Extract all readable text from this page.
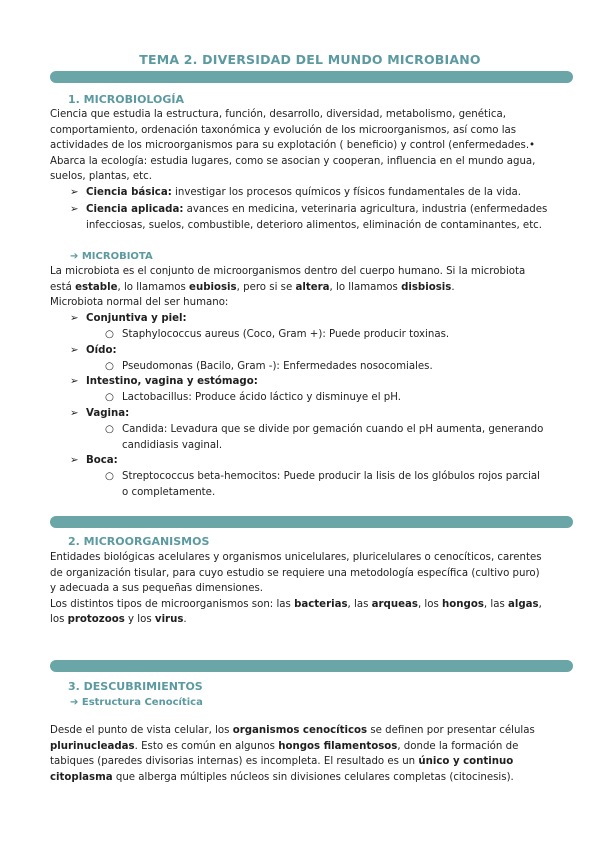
TEMA 2. DIVERSIDAD DEL MUNDO MICROBIANO
1. MICROBIOLOGÍA
Ciencia que estudia la estructura, función, desarrollo, diversidad, metabolismo, genética,
comportamiento, ordenación taxonómica y evolución de los microorganismos, así como las
actividades de los microorganismos para su explotación ( beneficio) y control (enfermedades.•
Abarca la ecología: estudia lugares, como se asocian y cooperan, influencia en el mundo agua,
suelos, plantas, etc.
➢ Ciencia básica: investigar los procesos químicos y físicos fundamentales de la vida.
➢ Ciencia aplicada: avances en medicina, veterinaria agricultura, industria (enfermedades
infecciosas, suelos, combustible, deterioro alimentos, eliminación de contaminantes, etc.
➔ MICROBIOTA
La microbiota es el conjunto de microorganismos dentro del cuerpo humano. Si la microbiota
está estable, lo llamamos eubiosis, pero si se altera, lo llamamos disbiosis.
Microbiota normal del ser humano:
➢ Conjuntiva y piel:
○ Staphylococcus aureus (Coco, Gram +): Puede producir toxinas.
➢ Oído:
○ Pseudomonas (Bacilo, Gram -): Enfermedades nosocomiales.
➢ Intestino, vagina y estómago:
○ Lactobacillus: Produce ácido láctico y disminuye el pH.
➢ Vagina:
○ Candida: Levadura que se divide por gemación cuando el pH aumenta, generando
candidiasis vaginal.
➢ Boca:
○ Streptococcus beta-hemocitos: Puede producir la lisis de los glóbulos rojos parcial
o completamente.
2. MICROORGANISMOS
Entidades biológicas acelulares y organismos unicelulares, pluricelulares o cenocíticos, carentes
de organización tisular, para cuyo estudio se requiere una metodología específica (cultivo puro)
y adecuada a sus pequeñas dimensiones.
Los distintos tipos de microorganismos son: las bacterias, las arqueas, los hongos, las algas,
los protozoos y los virus.
3. DESCUBRIMIENTOS
➔ Estructura Cenocítica
Desde el punto de vista celular, los organismos cenocíticos se definen por presentar células
plurinucleadas. Esto es común en algunos hongos filamentosos, donde la formación de
tabiques (paredes divisorias internas) es incompleta. El resultado es un único y continuo
citoplasma que alberga múltiples núcleos sin divisiones celulares completas (citocinesis).
